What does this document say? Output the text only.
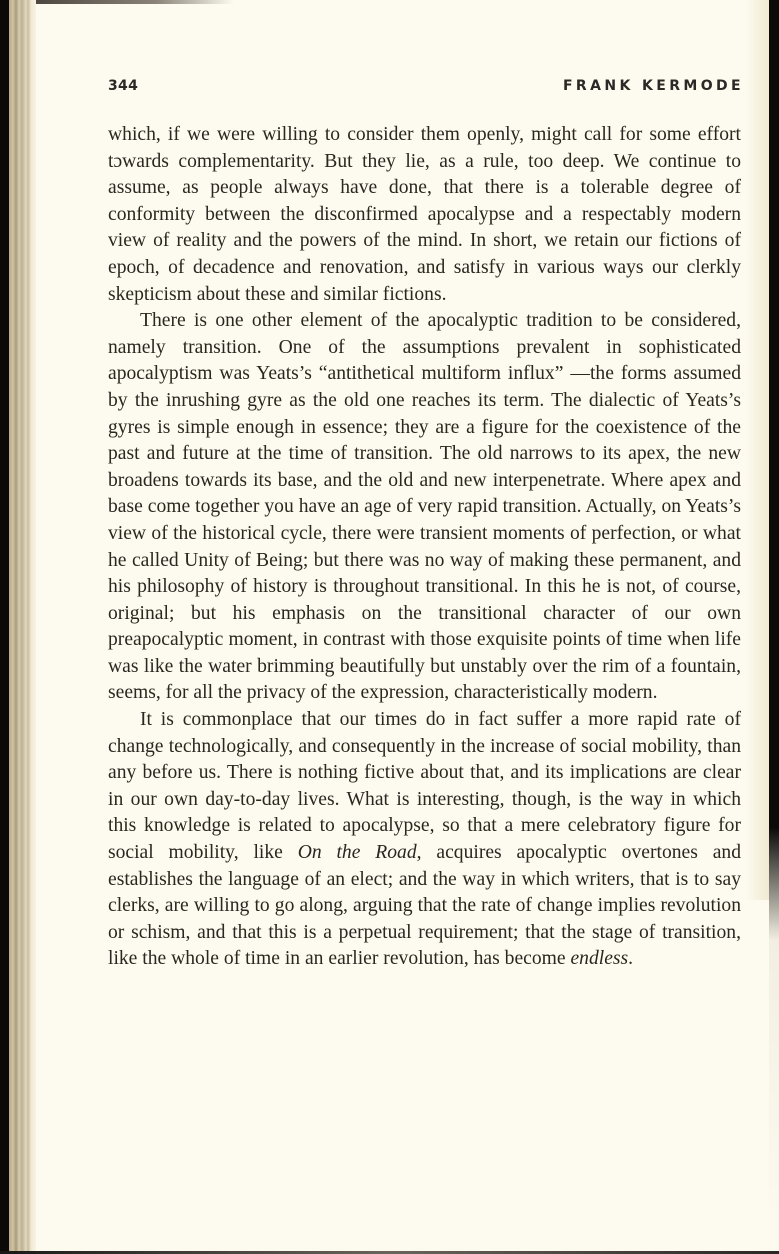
344	FRANK KERMODE

which, if we were willing to consider them openly, might call for some effort tɔwards complementarity. But they lie, as a rule, too deep. We continue to assume, as people always have done, that there is a tolerable degree of conformity between the disconfirmed apocalypse and a respectably modern view of reality and the powers of the mind. In short, we retain our fictions of epoch, of decadence and renovation, and satisfy in various ways our clerkly skepticism about these and similar fictions.

There is one other element of the apocalyptic tradition to be considered, namely transition. One of the assumptions prevalent in sophisticated apocalyptism was Yeats’s “antithetical multiform influx” —the forms assumed by the inrushing gyre as the old one reaches its term. The dialectic of Yeats’s gyres is simple enough in essence; they are a figure for the coexistence of the past and future at the time of transition. The old narrows to its apex, the new broadens towards its base, and the old and new interpenetrate. Where apex and base come together you have an age of very rapid transition. Actually, on Yeats’s view of the historical cycle, there were transient moments of perfection, or what he called Unity of Being; but there was no way of making these permanent, and his philosophy of history is throughout transitional. In this he is not, of course, original; but his emphasis on the transitional character of our own preapocalyptic moment, in contrast with those exquisite points of time when life was like the water brimming beautifully but unstably over the rim of a fountain, seems, for all the privacy of the expression, characteristically modern.

It is commonplace that our times do in fact suffer a more rapid rate of change technologically, and consequently in the increase of social mobility, than any before us. There is nothing fictive about that, and its implications are clear in our own day-to-day lives. What is interesting, though, is the way in which this knowledge is related to apocalypse, so that a mere celebratory figure for social mobility, like On the Road, acquires apocalyptic overtones and establishes the language of an elect; and the way in which writers, that is to say clerks, are willing to go along, arguing that the rate of change implies revolution or schism, and that this is a perpetual requirement; that the stage of transition, like the whole of time in an earlier revolution, has become endless.
